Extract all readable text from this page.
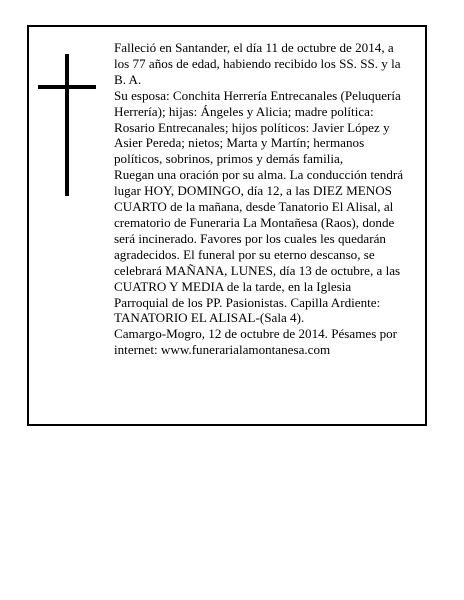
Falleció en Santander, el día 11 de octubre de 2014, a

los 77 años de edad, habiendo recibido los SS. SS. y la

B. A.

Su esposa: Conchita Herrería Entrecanales (Peluquería

Herrería); hijas: Ángeles y Alicia; madre política:

Rosario Entrecanales; hijos políticos: Javier López y

Asier Pereda; nietos; Marta y Martín; hermanos

políticos, sobrinos, primos y demás familia,

Ruegan una oración por su alma. La conducción tendrá

lugar HOY, DOMINGO, día 12, a las DIEZ MENOS

CUARTO de la mañana, desde Tanatorio El Alisal, al

crematorio de Funeraria La Montañesa (Raos), donde

será incinerado. Favores por los cuales les quedarán

agradecidos. El funeral por su eterno descanso, se

celebrará MAÑANA, LUNES, día 13 de octubre, a las

CUATRO Y MEDIA de la tarde, en la Iglesia

Parroquial de los PP. Pasionistas. Capilla Ardiente:

TANATORIO EL ALISAL-(Sala 4).

Camargo-Mogro, 12 de octubre de 2014. Pésames por

internet: www.funerarialamontanesa.com
